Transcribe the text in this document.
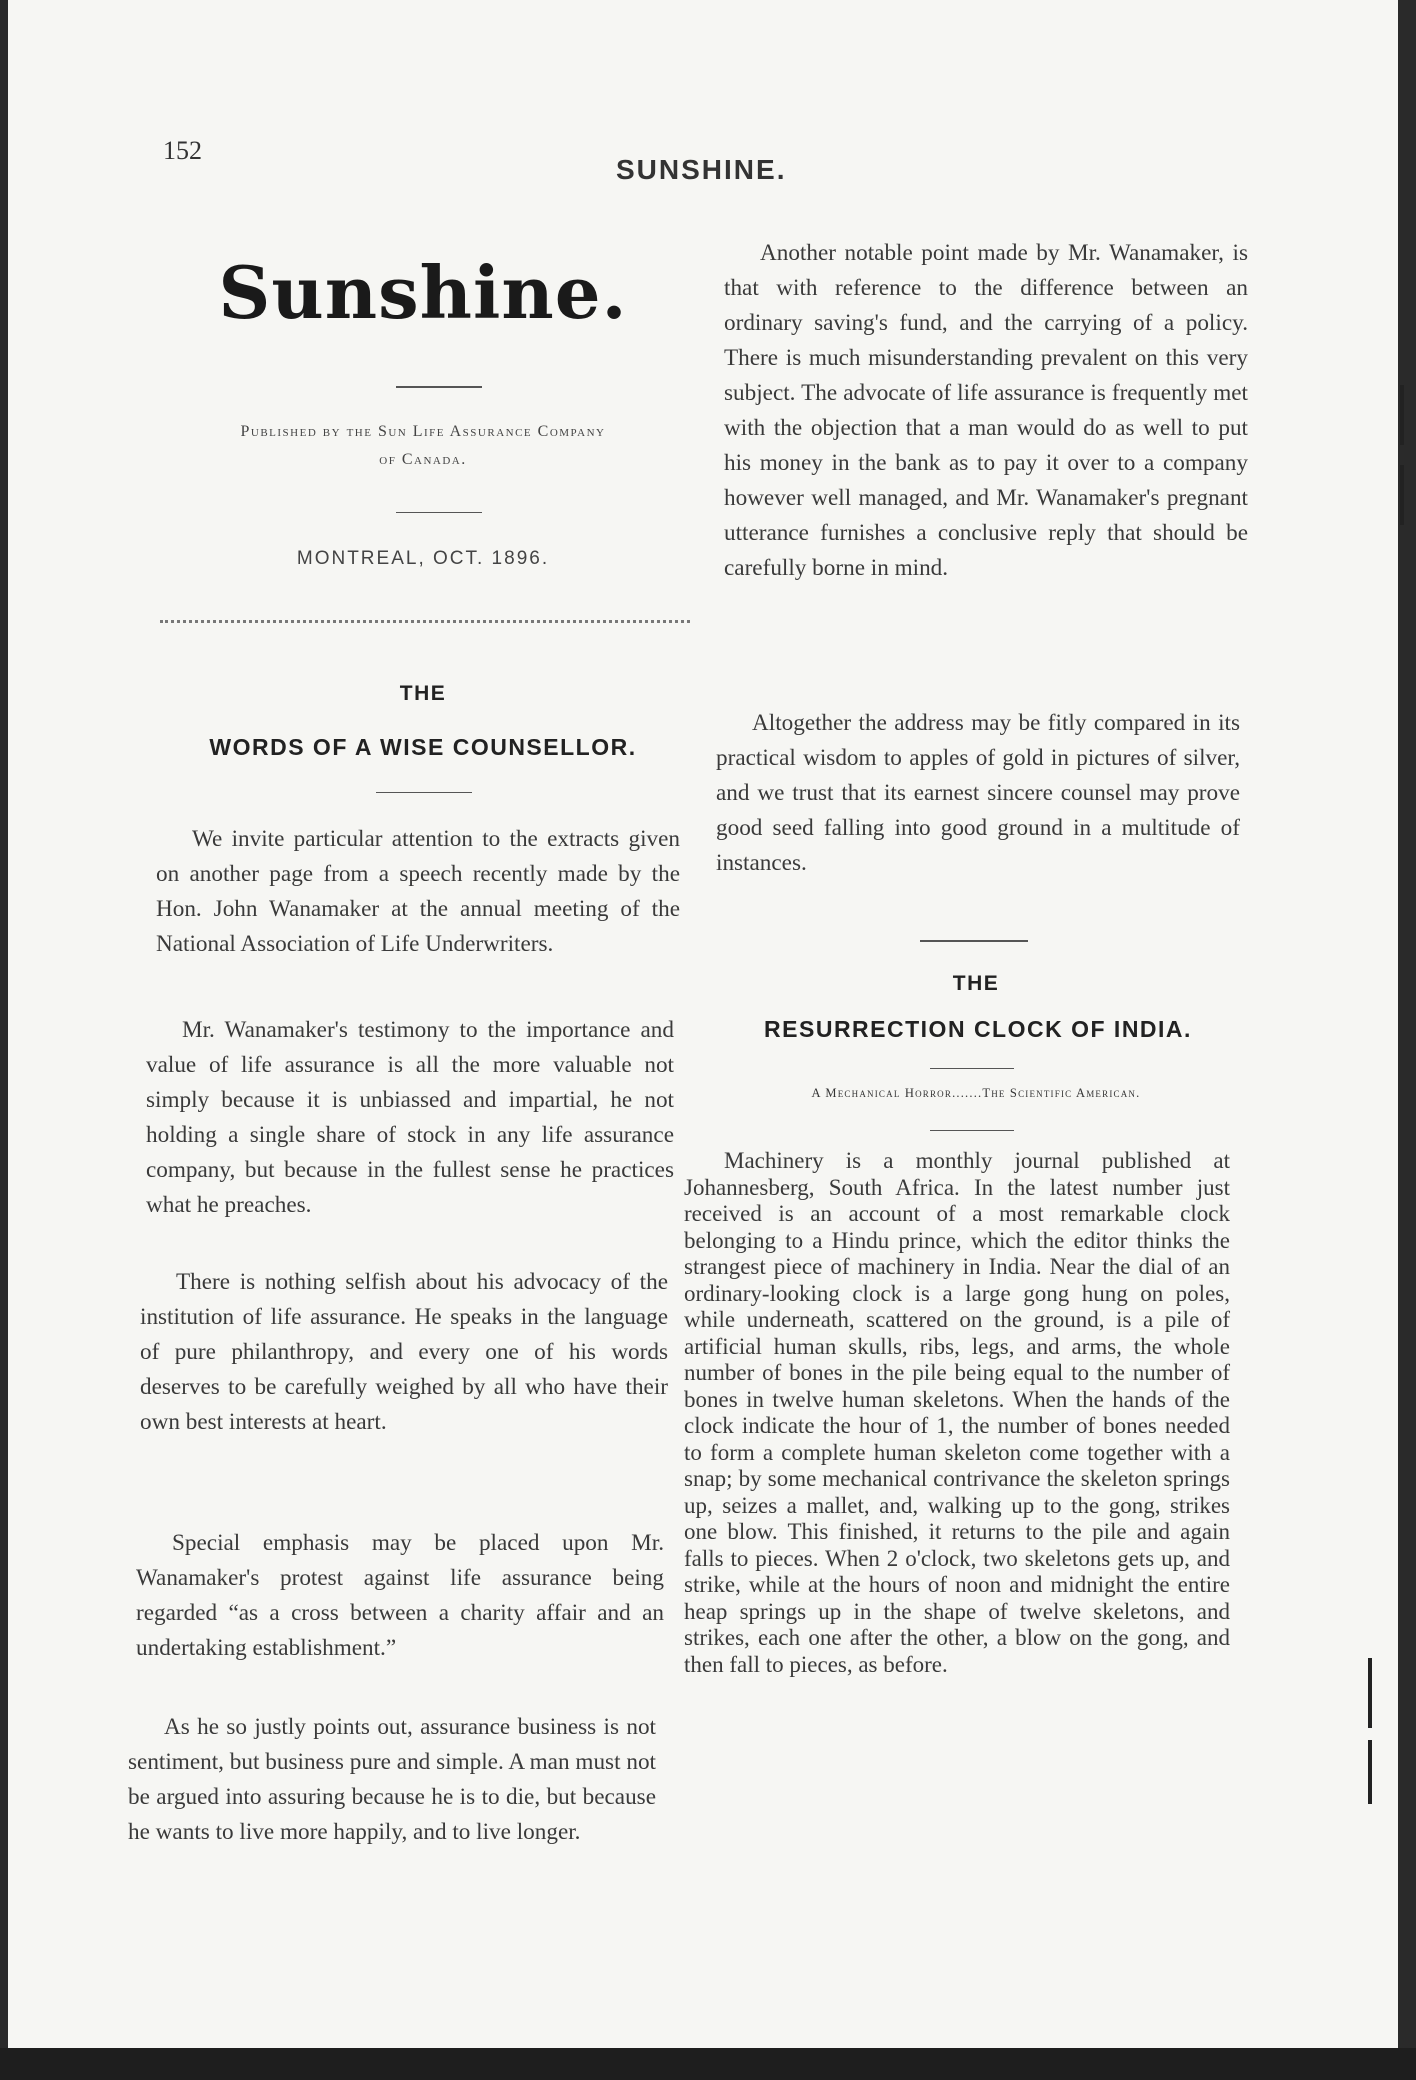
152
SUNSHINE.
Sunshine.
Published by the Sun Life Assurance Company
of Canada.
MONTREAL, OCT. 1896.
THE
WORDS OF A WISE COUNSELLOR.
We invite particular attention to the extracts given on another page from a speech recently made by the Hon. John Wanamaker at the annual meeting of the National Association of Life Underwriters.
Mr. Wanamaker's testimony to the importance and value of life assurance is all the more valuable not simply because it is unbiassed and impartial, he not holding a single share of stock in any life assurance company, but because in the fullest sense he practices what he preaches.
There is nothing selfish about his advocacy of the institution of life assurance. He speaks in the language of pure philanthropy, and every one of his words deserves to be carefully weighed by all who have their own best interests at heart.
Special emphasis may be placed upon Mr. Wanamaker's protest against life assurance being regarded “as a cross between a charity affair and an undertaking establishment.”
As he so justly points out, assurance business is not sentiment, but business pure and simple. A man must not be argued into assuring because he is to die, but because he wants to live more happily, and to live longer.
Another notable point made by Mr. Wanamaker, is that with reference to the difference between an ordinary saving's fund, and the carrying of a policy. There is much misunderstanding prevalent on this very subject. The advocate of life assurance is frequently met with the objection that a man would do as well to put his money in the bank as to pay it over to a company however well managed, and Mr. Wanamaker's pregnant utterance furnishes a conclusive reply that should be carefully borne in mind.
Altogether the address may be fitly compared in its practical wisdom to apples of gold in pictures of silver, and we trust that its earnest sincere counsel may prove good seed falling into good ground in a multitude of instances.
THE
RESURRECTION CLOCK OF INDIA.
A Mechanical Horror.......The Scientific American.
Machinery is a monthly journal published at Johannesberg, South Africa. In the latest number just received is an account of a most remarkable clock belonging to a Hindu prince, which the editor thinks the strangest piece of machinery in India. Near the dial of an ordinary-looking clock is a large gong hung on poles, while underneath, scattered on the ground, is a pile of artificial human skulls, ribs, legs, and arms, the whole number of bones in the pile being equal to the number of bones in twelve human skeletons. When the hands of the clock indicate the hour of 1, the number of bones needed to form a complete human skeleton come together with a snap; by some mechanical contrivance the skeleton springs up, seizes a mallet, and, walking up to the gong, strikes one blow. This finished, it returns to the pile and again falls to pieces. When 2 o'clock, two skeletons gets up, and strike, while at the hours of noon and midnight the entire heap springs up in the shape of twelve skeletons, and strikes, each one after the other, a blow on the gong, and then fall to pieces, as before.
